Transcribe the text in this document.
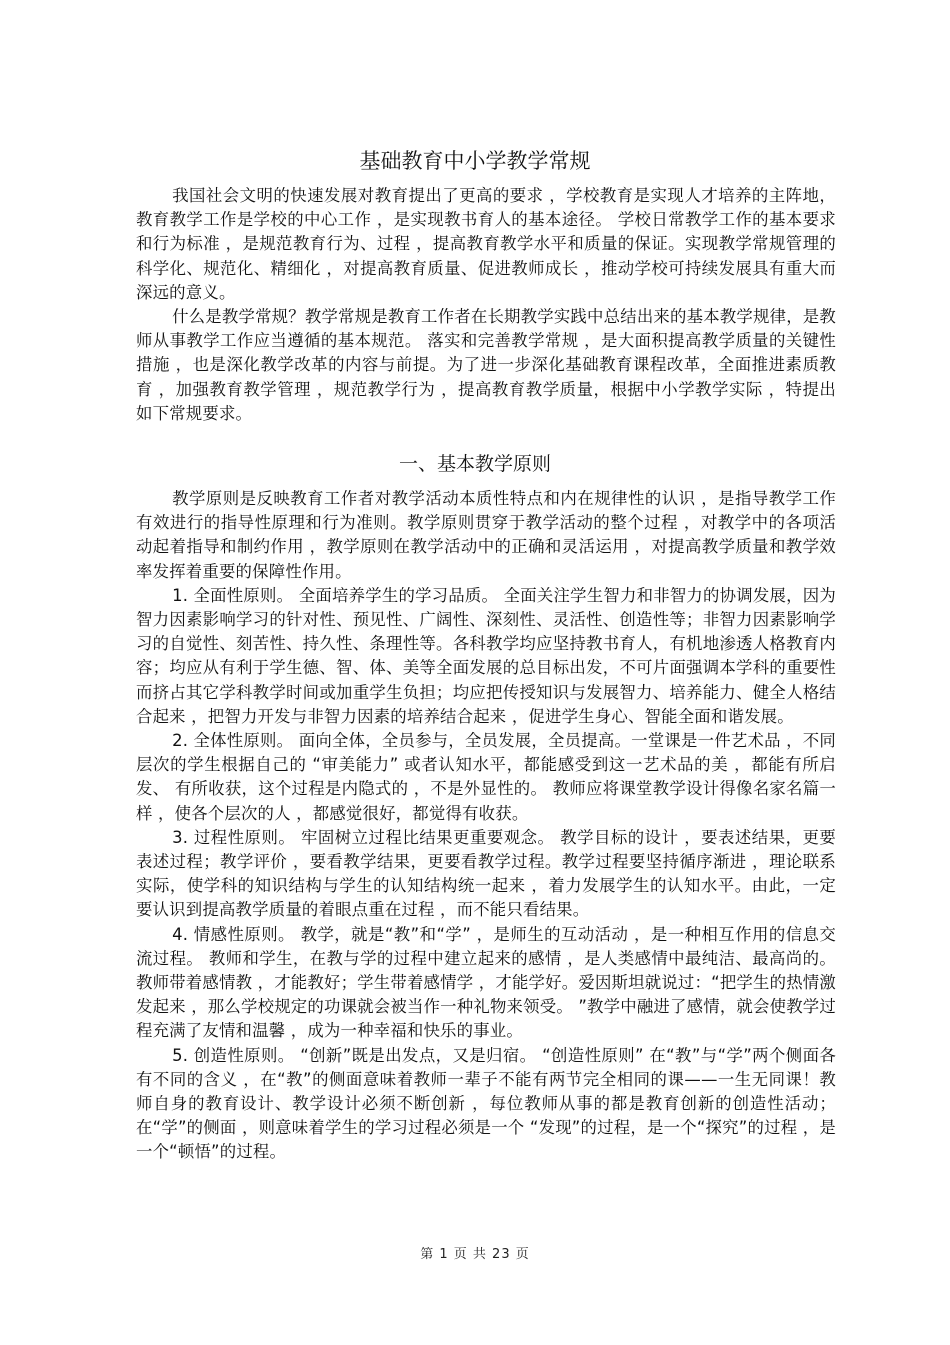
基础教育中小学教学常规

我国社会文明的快速发展对教育提出了更高的要求 ，学校教育是实现人才培养的主阵地，教育教学工作是学校的中心工作 ，是实现教书育人的基本途径。 学校日常教学工作的基本要求和行为标准 ，是规范教育行为、过程 ，提高教育教学水平和质量的保证。实现教学常规管理的科学化、规范化、精细化 ，对提高教育质量、促进教师成长 ，推动学校可持续发展具有重大而深远的意义。

什么是教学常规？教学常规是教育工作者在长期教学实践中总结出来的基本教学规律，是教师从事教学工作应当遵循的基本规范。 落实和完善教学常规 ，是大面积提高教学质量的关键性措施 ，也是深化教学改革的内容与前提。为了进一步深化基础教育课程改革，全面推进素质教育 ，加强教育教学管理 ，规范教学行为 ，提高教育教学质量，根据中小学教学实际 ，特提出如下常规要求。

一、基本教学原则

教学原则是反映教育工作者对教学活动本质性特点和内在规律性的认识 ，是指导教学工作有效进行的指导性原理和行为准则。教学原则贯穿于教学活动的整个过程 ，对教学中的各项活动起着指导和制约作用 ，教学原则在教学活动中的正确和灵活运用 ，对提高教学质量和教学效率发挥着重要的保障性作用。

1. 全面性原则。 全面培养学生的学习品质。 全面关注学生智力和非智力的协调发展，因为智力因素影响学习的针对性、预见性、广阔性、深刻性、灵活性、创造性等；非智力因素影响学习的自觉性、刻苦性、持久性、条理性等。各科教学均应坚持教书育人，有机地渗透人格教育内容；均应从有利于学生德、智、体、美等全面发展的总目标出发，不可片面强调本学科的重要性而挤占其它学科教学时间或加重学生负担；均应把传授知识与发展智力、培养能力、健全人格结合起来 ，把智力开发与非智力因素的培养结合起来 ，促进学生身心、智能全面和谐发展。

2. 全体性原则。 面向全体，全员参与，全员发展，全员提高。一堂课是一件艺术品 ，不同层次的学生根据自己的 “审美能力” 或者认知水平，都能感受到这一艺术品的美 ，都能有所启发、 有所收获，这个过程是内隐式的 ，不是外显性的。 教师应将课堂教学设计得像名家名篇一样 ，使各个层次的人 ，都感觉很好，都觉得有收获。

3. 过程性原则。 牢固树立过程比结果更重要观念。 教学目标的设计 ，要表述结果，更要表述过程；教学评价 ，要看教学结果，更要看教学过程。教学过程要坚持循序渐进 ，理论联系实际，使学科的知识结构与学生的认知结构统一起来 ，着力发展学生的认知水平。由此，一定要认识到提高教学质量的着眼点重在过程 ，而不能只看结果。

4. 情感性原则。 教学，就是“教”和“学” ，是师生的互动活动 ，是一种相互作用的信息交流过程。 教师和学生，在教与学的过程中建立起来的感情 ，是人类感情中最纯洁、最高尚的。教师带着感情教 ，才能教好；学生带着感情学 ，才能学好。爱因斯坦就说过：“把学生的热情激发起来 ，那么学校规定的功课就会被当作一种礼物来领受。 ”教学中融进了感情，就会使教学过程充满了友情和温馨 ，成为一种幸福和快乐的事业。

5. 创造性原则。 “创新”既是出发点，又是归宿。 “创造性原则” 在“教”与“学”两个侧面各有不同的含义 ，在“教”的侧面意味着教师一辈子不能有两节完全相同的课——一生无同课！教师自身的教育设计、教学设计必须不断创新 ，每位教师从事的都是教育创新的创造性活动；在“学”的侧面 ，则意味着学生的学习过程必须是一个 “发现”的过程，是一个“探究”的过程 ，是一个“顿悟”的过程。

第 1 页 共 23 页
